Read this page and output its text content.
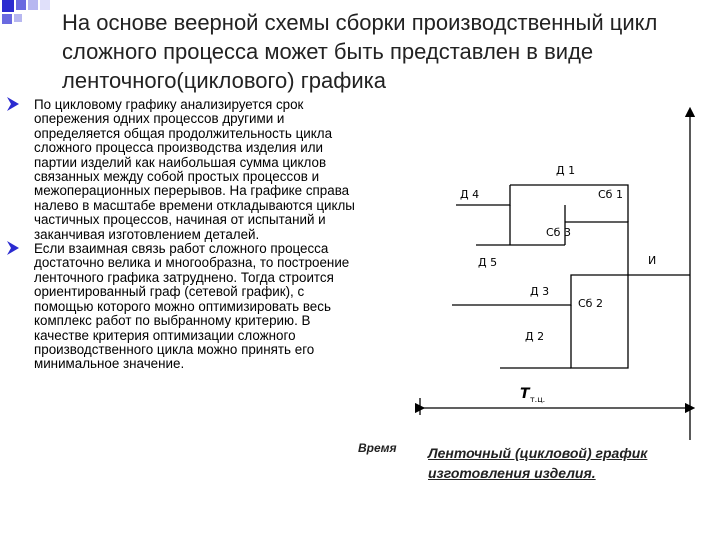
На основе веерной схемы сборки производственный цикл сложного процесса может быть представлен в виде ленточного(циклового) графика
По цикловому графику анализируется срок опережения одних процессов другими и определяется общая продолжительность цикла сложного процесса производства изделия или партии изделий как наибольшая сумма циклов связанных между собой простых процессов и межоперационных перерывов. На графике справа налево в масштабе времени откладываются циклы частичных процессов, начиная от испытаний и заканчивая изготовлением деталей.
Если взаимная связь работ сложного процесса достаточно велика и многообразна, то построение ленточного графика затруднено. Тогда строится ориентированный граф (сетевой график), с помощью которого можно оптимизировать весь комплекс работ по выбранному критерию. В качестве критерия оптимизации сложного производственного цикла можно принять его минимальное значение.
Д 1
Д 4	Сб 1
Сб 3
Д 5	И
Д 3
Сб 2
Д 2
Т т.ц.
Время Ленточный (цикловой) график изготовления изделия.
